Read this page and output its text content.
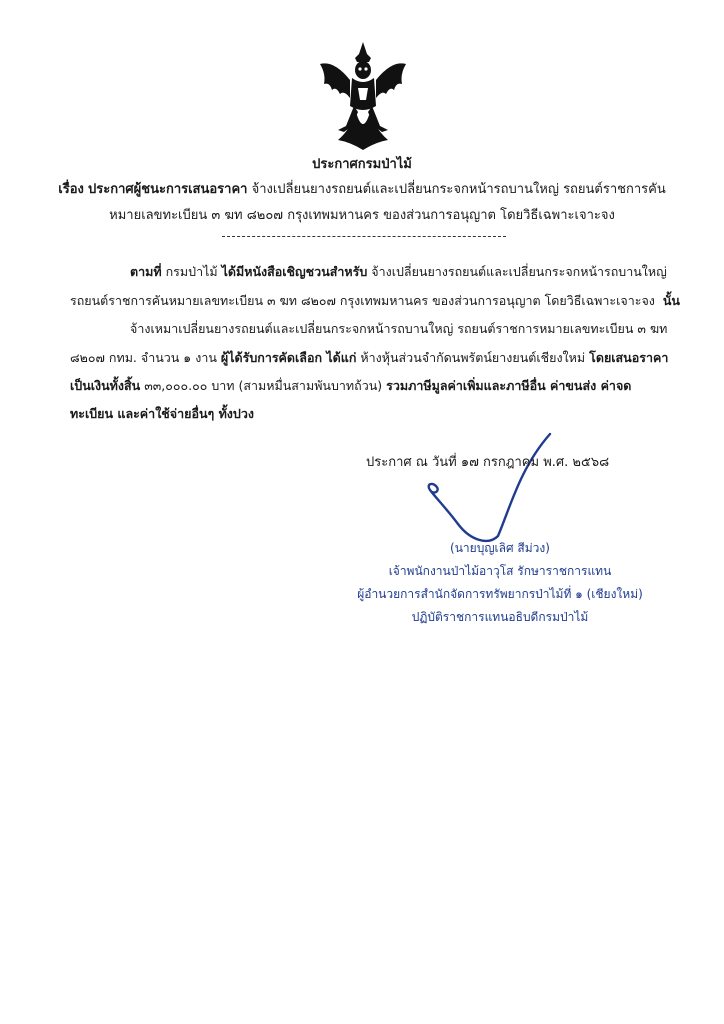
ประกาศกรมป่าไม้
เรื่อง ประกาศผู้ชนะการเสนอราคา จ้างเปลี่ยนยางรถยนต์และเปลี่ยนกระจกหน้ารถบานใหญ่ รถยนต์ราชการคัน
หมายเลขทะเบียน ๓ ฆท ๘๒๐๗ กรุงเทพมหานคร ของส่วนการอนุญาต โดยวิธีเฉพาะเจาะจง
ตามที่ กรมป่าไม้ ได้มีหนังสือเชิญชวนสำหรับ จ้างเปลี่ยนยางรถยนต์และเปลี่ยนกระจกหน้ารถบานใหญ่
รถยนต์ราชการคันหมายเลขทะเบียน ๓ ฆท ๘๒๐๗ กรุงเทพมหานคร ของส่วนการอนุญาต โดยวิธีเฉพาะเจาะจง นั้น
จ้างเหมาเปลี่ยนยางรถยนต์และเปลี่ยนกระจกหน้ารถบานใหญ่ รถยนต์ราชการหมายเลขทะเบียน ๓ ฆท
๘๒๐๗ กทม. จำนวน ๑ งาน ผู้ได้รับการคัดเลือก ได้แก่ ห้างหุ้นส่วนจำกัดนพรัตน์ยางยนต์เชียงใหม่ โดยเสนอราคา
เป็นเงินทั้งสิ้น ๓๓,๐๐๐.๐๐ บาท (สามหมื่นสามพันบาทถ้วน) รวมภาษีมูลค่าเพิ่มและภาษีอื่น ค่าขนส่ง ค่าจด
ทะเบียน และค่าใช้จ่ายอื่นๆ ทั้งปวง
ประกาศ ณ วันที่ ๑๗ กรกฎาคม พ.ศ. ๒๕๖๘
(นายบุญเลิศ สีม่วง)
เจ้าพนักงานป่าไม้อาวุโส รักษาราชการแทน
ผู้อำนวยการสำนักจัดการทรัพยากรป่าไม้ที่ ๑ (เชียงใหม่)
ปฏิบัติราชการแทนอธิบดีกรมป่าไม้
